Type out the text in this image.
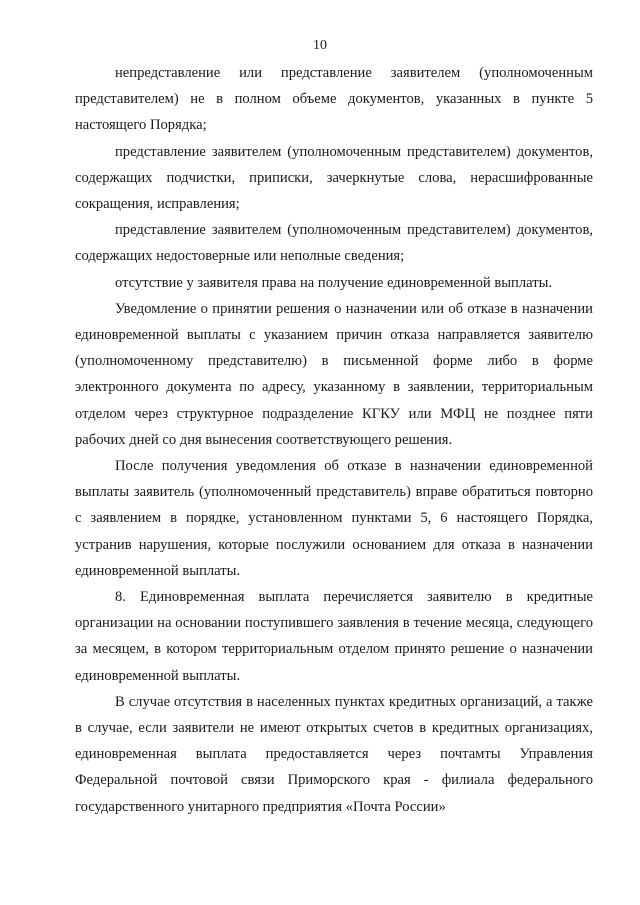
10

непредставление или представление заявителем (уполномоченным представителем) не в полном объеме документов, указанных в пункте 5 настоящего Порядка;

представление заявителем (уполномоченным представителем) документов, содержащих подчистки, приписки, зачеркнутые слова, нерасшифрованные сокращения, исправления;

представление заявителем (уполномоченным представителем) документов, содержащих недостоверные или неполные сведения;

отсутствие у заявителя права на получение единовременной выплаты.

Уведомление о принятии решения о назначении или об отказе в назначении единовременной выплаты с указанием причин отказа направляется заявителю (уполномоченному представителю) в письменной форме либо в форме электронного документа по адресу, указанному в заявлении, территориальным отделом через структурное подразделение КГКУ или МФЦ не позднее пяти рабочих дней со дня вынесения соответствующего решения.

После получения уведомления об отказе в назначении единовременной выплаты заявитель (уполномоченный представитель) вправе обратиться повторно с заявлением в порядке, установленном пунктами 5, 6 настоящего Порядка, устранив нарушения, которые послужили основанием для отказа в назначении единовременной выплаты.

8. Единовременная выплата перечисляется заявителю в кредитные организации на основании поступившего заявления в течение месяца, следующего за месяцем, в котором территориальным отделом принято решение о назначении единовременной выплаты.

В случае отсутствия в населенных пунктах кредитных организаций, а также в случае, если заявители не имеют открытых счетов в кредитных организациях, единовременная выплата предоставляется через почтамты Управления Федеральной почтовой связи Приморского края - филиала федерального государственного унитарного предприятия «Почта России»
